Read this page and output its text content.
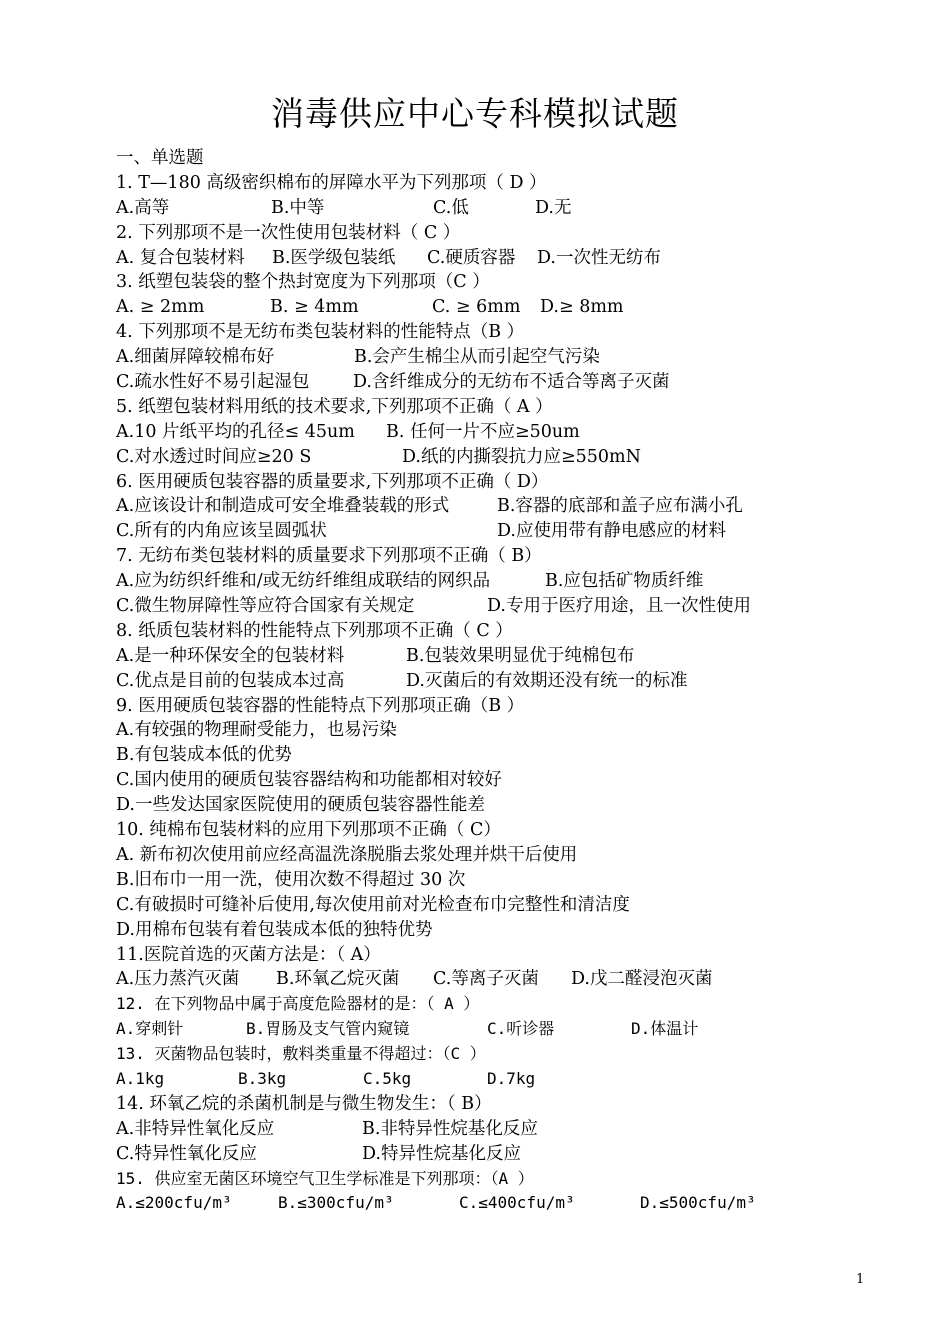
消毒供应中心专科模拟试题
一、单选题
1. T—180 高级密织棉布的屏障水平为下列那项（ D ）
A.高等	B.中等	C.低	D.无
2. 下列那项不是一次性使用包装材料（ C ）
A. 复合包装材料 B.医学级包装纸 C.硬质容器 D.一次性无纺布
3. 纸塑包装袋的整个热封宽度为下列那项（C ）
A. ≥ 2mm	B. ≥ 4mm	C. ≥ 6mm D.≥ 8mm
4. 下列那项不是无纺布类包装材料的性能特点（B ）
A.细菌屏障较棉布好	B.会产生棉尘从而引起空气污染
C.疏水性好不易引起湿包 D.含纤维成分的无纺布不适合等离子灭菌
5. 纸塑包装材料用纸的技术要求,下列那项不正确（ A ）
A.10 片纸平均的孔径≤ 45um B. 任何一片不应≥50um
C.对水透过时间应≥20 S	D.纸的内撕裂抗力应≥550mN
6. 医用硬质包装容器的质量要求,下列那项不正确（ D）
A.应该设计和制造成可安全堆叠装载的形式	B.容器的底部和盖子应布满小孔
C.所有的内角应该呈圆弧状	D.应使用带有静电感应的材料
7. 无纺布类包装材料的质量要求下列那项不正确（ B）
A.应为纺织纤维和/或无纺纤维组成联结的网织品	B.应包括矿物质纤维
C.微生物屏障性等应符合国家有关规定	D.专用于医疗用途，且一次性使用
8. 纸质包装材料的性能特点下列那项不正确（ C ）
A.是一种环保安全的包装材料	B.包装效果明显优于纯棉包布
C.优点是目前的包装成本过高	D.灭菌后的有效期还没有统一的标准
9. 医用硬质包装容器的性能特点下列那项正确（B ）
A.有较强的物理耐受能力，也易污染
B.有包装成本低的优势
C.国内使用的硬质包装容器结构和功能都相对较好
D.一些发达国家医院使用的硬质包装容器性能差
10. 纯棉布包装材料的应用下列那项不正确（ C）
A. 新布初次使用前应经高温洗涤脱脂去浆处理并烘干后使用
B.旧布巾一用一洗，使用次数不得超过 30 次
C.有破损时可缝补后使用,每次使用前对光检查布巾完整性和清洁度
D.用棉布包装有着包装成本低的独特优势
11.医院首选的灭菌方法是：（ A）
A.压力蒸汽灭菌 B.环氧乙烷灭菌 C.等离子灭菌 D.戊二醛浸泡灭菌
12. 在下列物品中属于高度危险器材的是：（ A ）
A.穿刺针	B.胃肠及支气管内窥镜	C.听诊器	D.体温计
13. 灭菌物品包装时，敷料类重量不得超过：（C ）
A.1kg	B.3kg	C.5kg	D.7kg
14. 环氧乙烷的杀菌机制是与微生物发生：（ B）
A.非特异性氧化反应	B.非特异性烷基化反应
C.特异性氧化反应	D.特异性烷基化反应
15. 供应室无菌区环境空气卫生学标准是下列那项：（A ）
A.≤200cfu/m³	B.≤300cfu/m³	C.≤400cfu/m³	D.≤500cfu/m³
1
